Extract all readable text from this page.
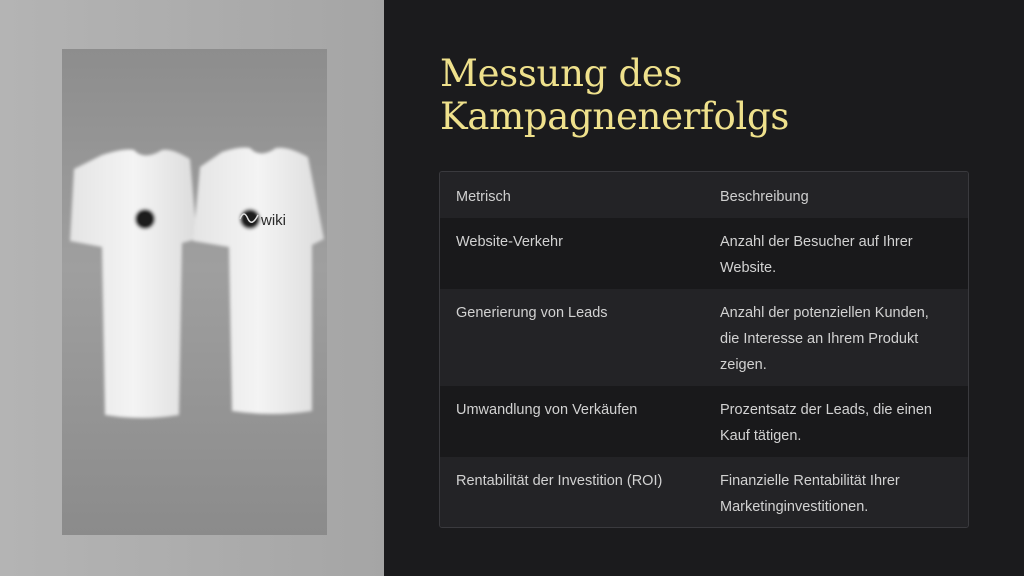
wiki
Messung des Kampagnenerfolgs
Metrisch	Beschreibung
Website-Verkehr	Anzahl der Besucher auf Ihrer Website.
Generierung von Leads	Anzahl der potenziellen Kunden, die Interesse an Ihrem Produkt zeigen.
Umwandlung von Verkäufen	Prozentsatz der Leads, die einen Kauf tätigen.
Rentabilität der Investition (ROI)	Finanzielle Rentabilität Ihrer Marketinginvestitionen.
